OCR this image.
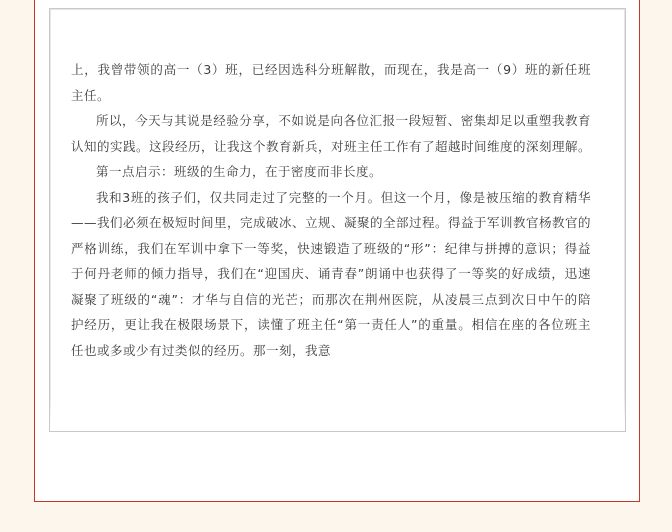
上，我曾带领的高一（3）班，已经因选科分班解散，而现在，我是高一（9）班的新任班主任。

所以，今天与其说是经验分享，不如说是向各位汇报一段短暂、密集却足以重塑我教育认知的实践。这段经历，让我这个教育新兵，对班主任工作有了超越时间维度的深刻理解。

第一点启示：班级的生命力，在于密度而非长度。

我和3班的孩子们，仅共同走过了完整的一个月。但这一个月，像是被压缩的教育精华——我们必须在极短时间里，完成破冰、立规、凝聚的全部过程。得益于军训教官杨教官的严格训练，我们在军训中拿下一等奖，快速锻造了班级的“形”：纪律与拼搏的意识；得益于何丹老师的倾力指导，我们在“迎国庆、诵青春”朗诵中也获得了一等奖的好成绩，迅速凝聚了班级的“魂”：才华与自信的光芒；而那次在荆州医院，从凌晨三点到次日中午的陪护经历，更让我在极限场景下，读懂了班主任“第一责任人”的重量。相信在座的各位班主任也或多或少有过类似的经历。那一刻，我意
